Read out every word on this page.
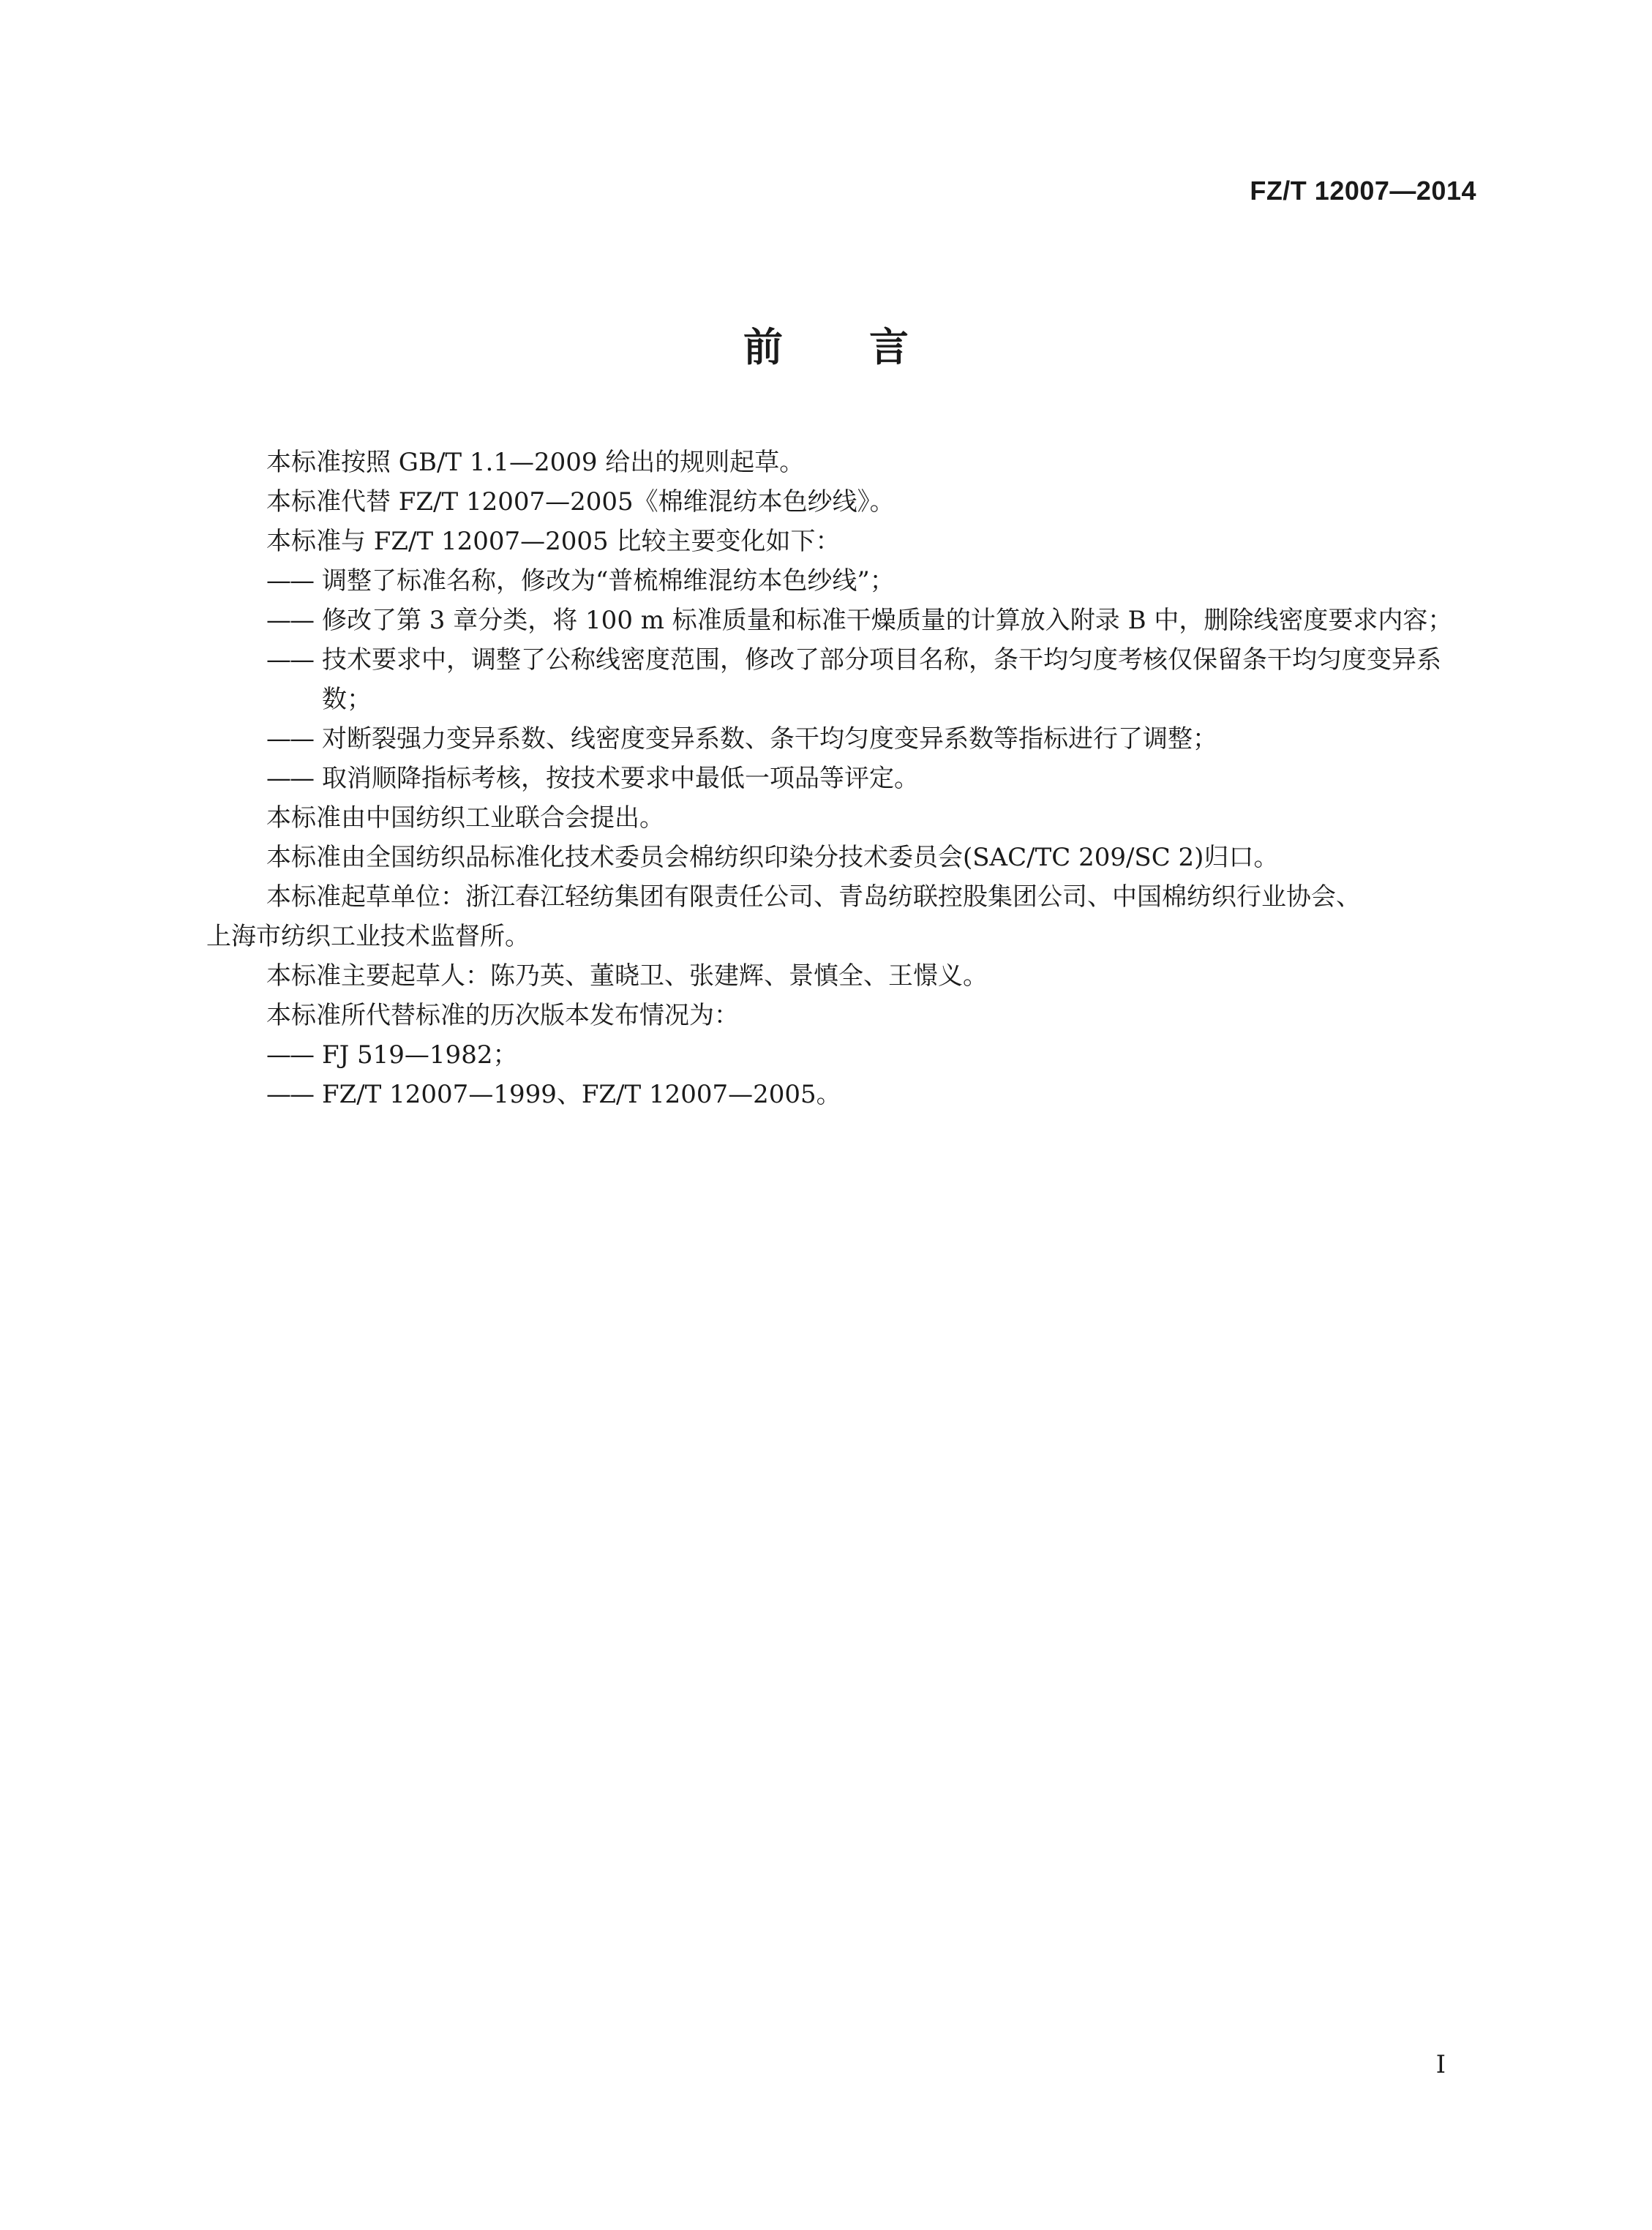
FZ/T 12007—2014
前言

本标准按照 GB/T 1.1—2009 给出的规则起草。

本标准代替 FZ/T 12007—2005《棉维混纺本色纱线》。

本标准与 FZ/T 12007—2005 比较主要变化如下：

—— 调整了标准名称，修改为“普梳棉维混纺本色纱线”；

—— 修改了第 3 章分类，将 100 m 标准质量和标准干燥质量的计算放入附录 B 中，删除线密度要求内容；

—— 技术要求中，调整了公称线密度范围，修改了部分项目名称，条干均匀度考核仅保留条干均匀度变异系数；

—— 对断裂强力变异系数、线密度变异系数、条干均匀度变异系数等指标进行了调整；

—— 取消顺降指标考核，按技术要求中最低一项品等评定。

本标准由中国纺织工业联合会提出。

本标准由全国纺织品标准化技术委员会棉纺织印染分技术委员会(SAC/TC 209/SC 2)归口。

本标准起草单位：浙江春江轻纺集团有限责任公司、青岛纺联控股集团公司、中国棉纺织行业协会、
上海市纺织工业技术监督所。

本标准主要起草人：陈乃英、董晓卫、张建辉、景慎全、王憬义。

本标准所代替标准的历次版本发布情况为：

—— FJ 519—1982；

—— FZ/T 12007—1999、FZ/T 12007—2005。

I
